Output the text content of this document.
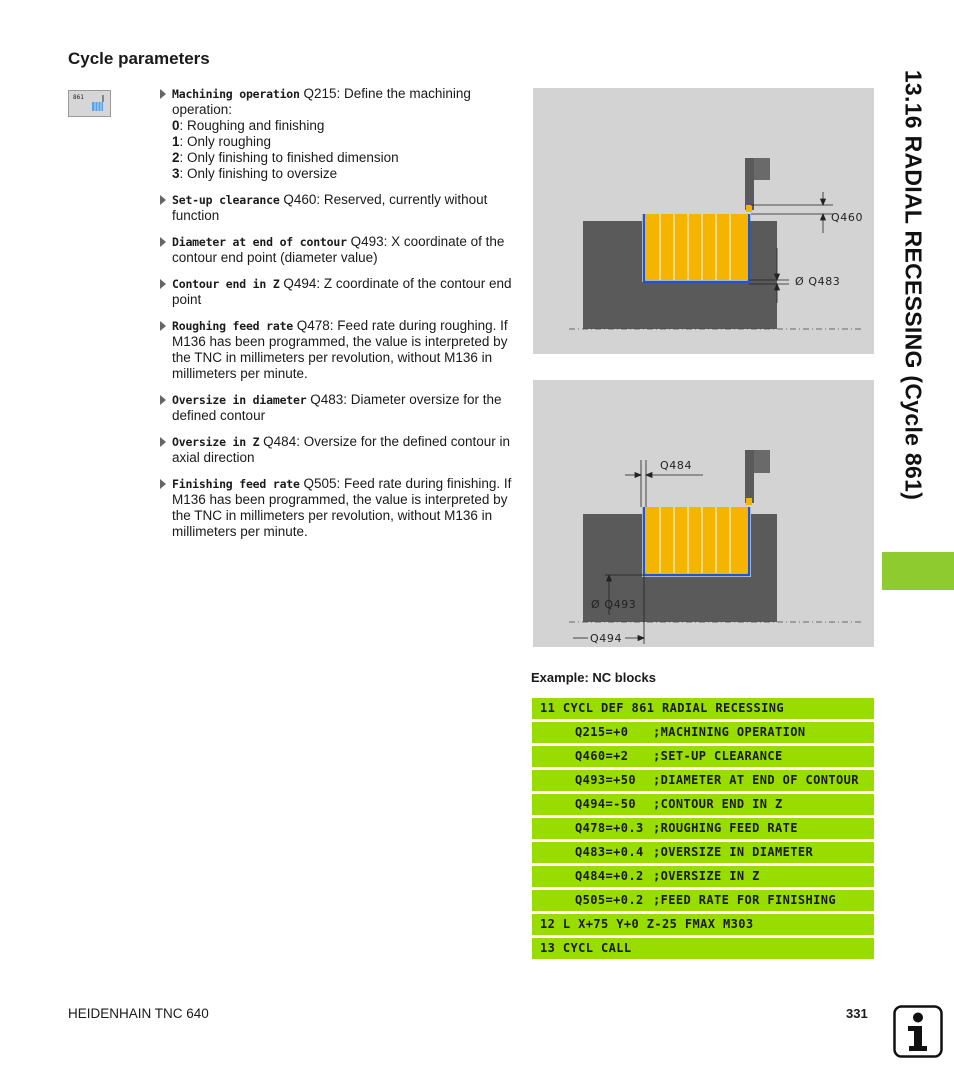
Cycle parameters
861	Machining operation Q215: Define the machining operation:
0: Roughing and finishing
1: Only roughing
2: Only finishing to finished dimension
3: Only finishing to oversize
Set-up clearance Q460: Reserved, currently without function
Diameter at end of contour Q493: X coordinate of the contour end point (diameter value)
Contour end in Z Q494: Z coordinate of the contour end point
Roughing feed rate Q478: Feed rate during roughing. If M136 has been programmed, the value is interpreted by the TNC in millimeters per revolution, without M136 in millimeters per minute.
Oversize in diameter Q483: Diameter oversize for the defined contour
Oversize in Z Q484: Oversize for the defined contour in axial direction
Finishing feed rate Q505: Feed rate during finishing. If M136 has been programmed, the value is interpreted by the TNC in millimeters per revolution, without M136 in millimeters per minute.
Q460
Ø Q483
Q484
Ø Q493
Q494
Example: NC blocks
11 CYCL DEF 861 RADIAL RECESSING
Q215=+0 ;MACHINING OPERATION
Q460=+2 ;SET-UP CLEARANCE
Q493=+50 ;DIAMETER AT END OF CONTOUR
Q494=-50 ;CONTOUR END IN Z
Q478=+0.3 ;ROUGHING FEED RATE
Q483=+0.4 ;OVERSIZE IN DIAMETER
Q484=+0.2 ;OVERSIZE IN Z
Q505=+0.2 ;FEED RATE FOR FINISHING
12 L X+75 Y+0 Z-25 FMAX M303
13 CYCL CALL
13.16 RADIAL RECESSING (Cycle 861)
HEIDENHAIN TNC 640	331
